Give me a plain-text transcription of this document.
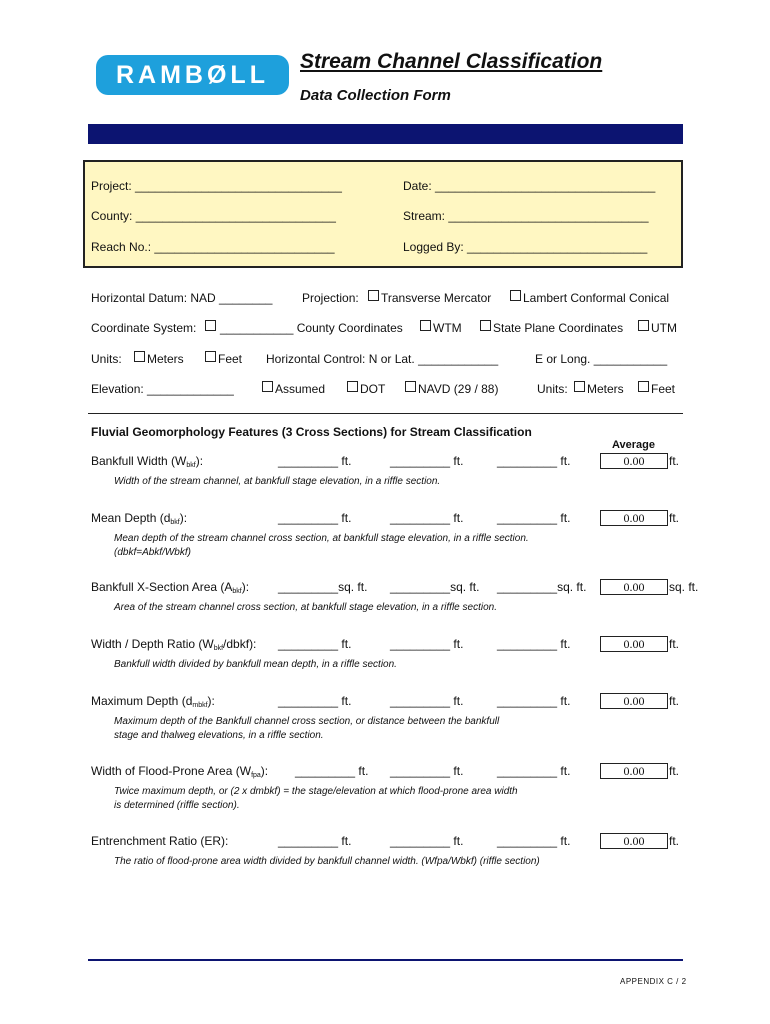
RAMBØLL	Stream Channel Classification
Data Collection Form
Project: _______________________________	Date: _________________________________
County: ______________________________	Stream: ______________________________
Reach No.: ___________________________	Logged By: ___________________________
Horizontal Datum: NAD ________ Projection: Transverse Mercator	Lambert Conformal Conical
Coordinate System: ___________ County Coordinates	WTM	State Plane Coordinates UTM
Units: Meters	Feet Horizontal Control: N or Lat. ____________	E or Long. ___________
Elevation: _____________	Assumed	DOT	NAVD (29 / 88)	Units: Meters Feet
Fluvial Geomorphology Features (3 Cross Sections) for Stream Classification
Average
Bankfull Width $(W_{bkf})$:	_________ ft.	_________ ft.	_________ ft.	0.00	ft.
Width of the stream channel, at bankfull stage elevation, in a riffle section.
Mean Depth $(d_{bkf})$:	_________ ft.	_________ ft.	_________ ft.	0.00	ft.
Mean depth of the stream channel cross section, at bankfull stage elevation, in a riffle section.
(dbkf=Abkf/Wbkf)
Bankfull X-Section Area $(A_{bkf})$: _________sq. ft. _________sq. ft. _________sq. ft.	0.00	sq. ft.
Area of the stream channel cross section, at bankfull stage elevation, in a riffle section.
Width / Depth Ratio $(W_{bkf}/dbkf)$: _________ ft.	_________ ft.	_________ ft.	0.00	ft.
Bankfull width divided by bankfull mean depth, in a riffle section.
Maximum Depth $(d_{mbkf})$:	_________ ft.	_________ ft.	_________ ft.	0.00	ft.
Maximum depth of the Bankfull channel cross section, or distance between the bankfull
stage and thalweg elevations, in a riffle section.
Width of Flood-Prone Area $(W_{fpa})$: _________ ft. _________ ft.	_________ ft.	0.00	ft.
Twice maximum depth, or (2 x dmbkf) = the stage/elevation at which flood-prone area width
is determined (riffle section).
Entrenchment Ratio (ER):	_________ ft.	_________ ft.	_________ ft.	0.00	ft.
The ratio of flood-prone area width divided by bankfull channel width. (Wfpa/Wbkf) (riffle section)
APPENDIX C / 2
